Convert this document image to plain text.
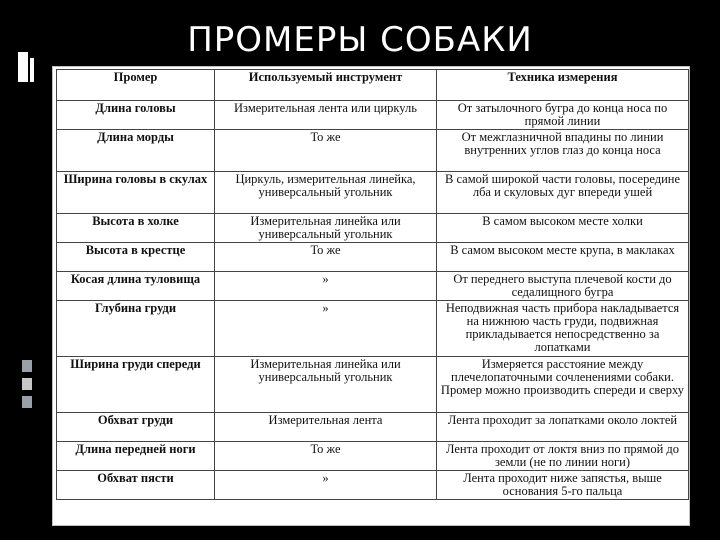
ПРОМЕРЫ СОБАКИ
Промер	Используемый инструмент	Техника измерения
Длина головы	Измерительная лента или циркуль	От затылочного бугра до конца носа по прямой линии
Длина морды	То же	От межглазничной впадины по линии внутренних углов глаз до конца носа
Ширина головы в скулах	Циркуль, измерительная линейка, универсальный угольник	В самой широкой части головы, посередине лба и скуловых дуг впереди ушей
Высота в холке	Измерительная линейка или универсальный угольник	В самом высоком месте холки
Высота в крестце	То же	В самом высоком месте крупа, в маклаках
Косая длина туловища	»	От переднего выступа плечевой кости до седалищного бугра
Глубина груди	»	Неподвижная часть прибора накладывается на нижнюю часть груди, подвижная прикладывается непосредственно за лопатками
Ширина груди спереди	Измерительная линейка или универсальный угольник	Измеряется расстояние между плечелопаточными сочленениями собаки. Промер можно производить спереди и сверху
Обхват груди	Измерительная лента	Лента проходит за лопатками около локтей
Длина передней ноги	То же	Лента проходит от локтя вниз по прямой до земли (не по линии ноги)
Обхват пясти	»	Лента проходит ниже запястья, выше основания 5-го пальца
